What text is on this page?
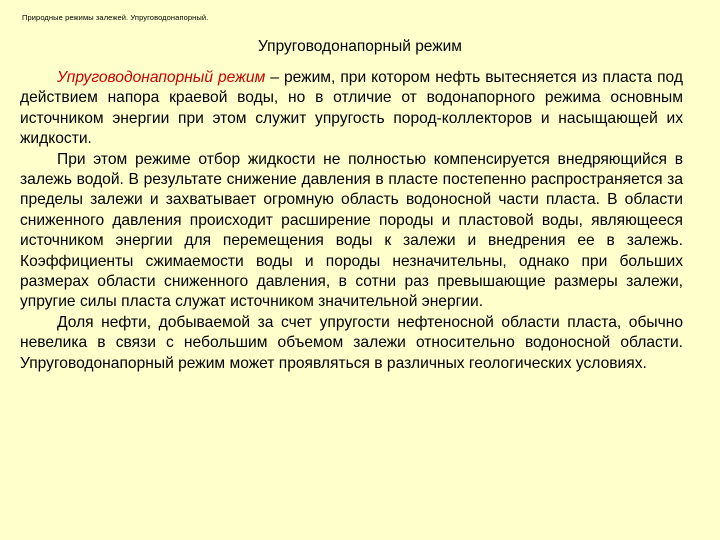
Природные режимы залежей. Упруговодонапорный.
Упруговодонапорный режим

Упруговодонапорный режим – режим, при котором нефть вытесняется из пласта под действием напора краевой воды, но в отличие от водонапорного режима основным источником энергии при этом служит упругость пород-коллекторов и насыщающей их жидкости.

При этом режиме отбор жидкости не полностью компенсируется внедряющийся в залежь водой. В результате снижение давления в пласте постепенно распространяется за пределы залежи и захватывает огромную область водоносной части пласта. В области сниженного давления происходит расширение породы и пластовой воды, являющееся источником энергии для перемещения воды к залежи и внедрения ее в залежь. Коэффициенты сжимаемости воды и породы незначительны, однако при больших размерах области сниженного давления, в сотни раз превышающие размеры залежи, упругие силы пласта служат источником значительной энергии.

Доля нефти, добываемой за счет упругости нефтеносной области пласта, обычно невелика в связи с небольшим объемом залежи относительно водоносной области. Упруговодонапорный режим может проявляться в различных геологических условиях.
